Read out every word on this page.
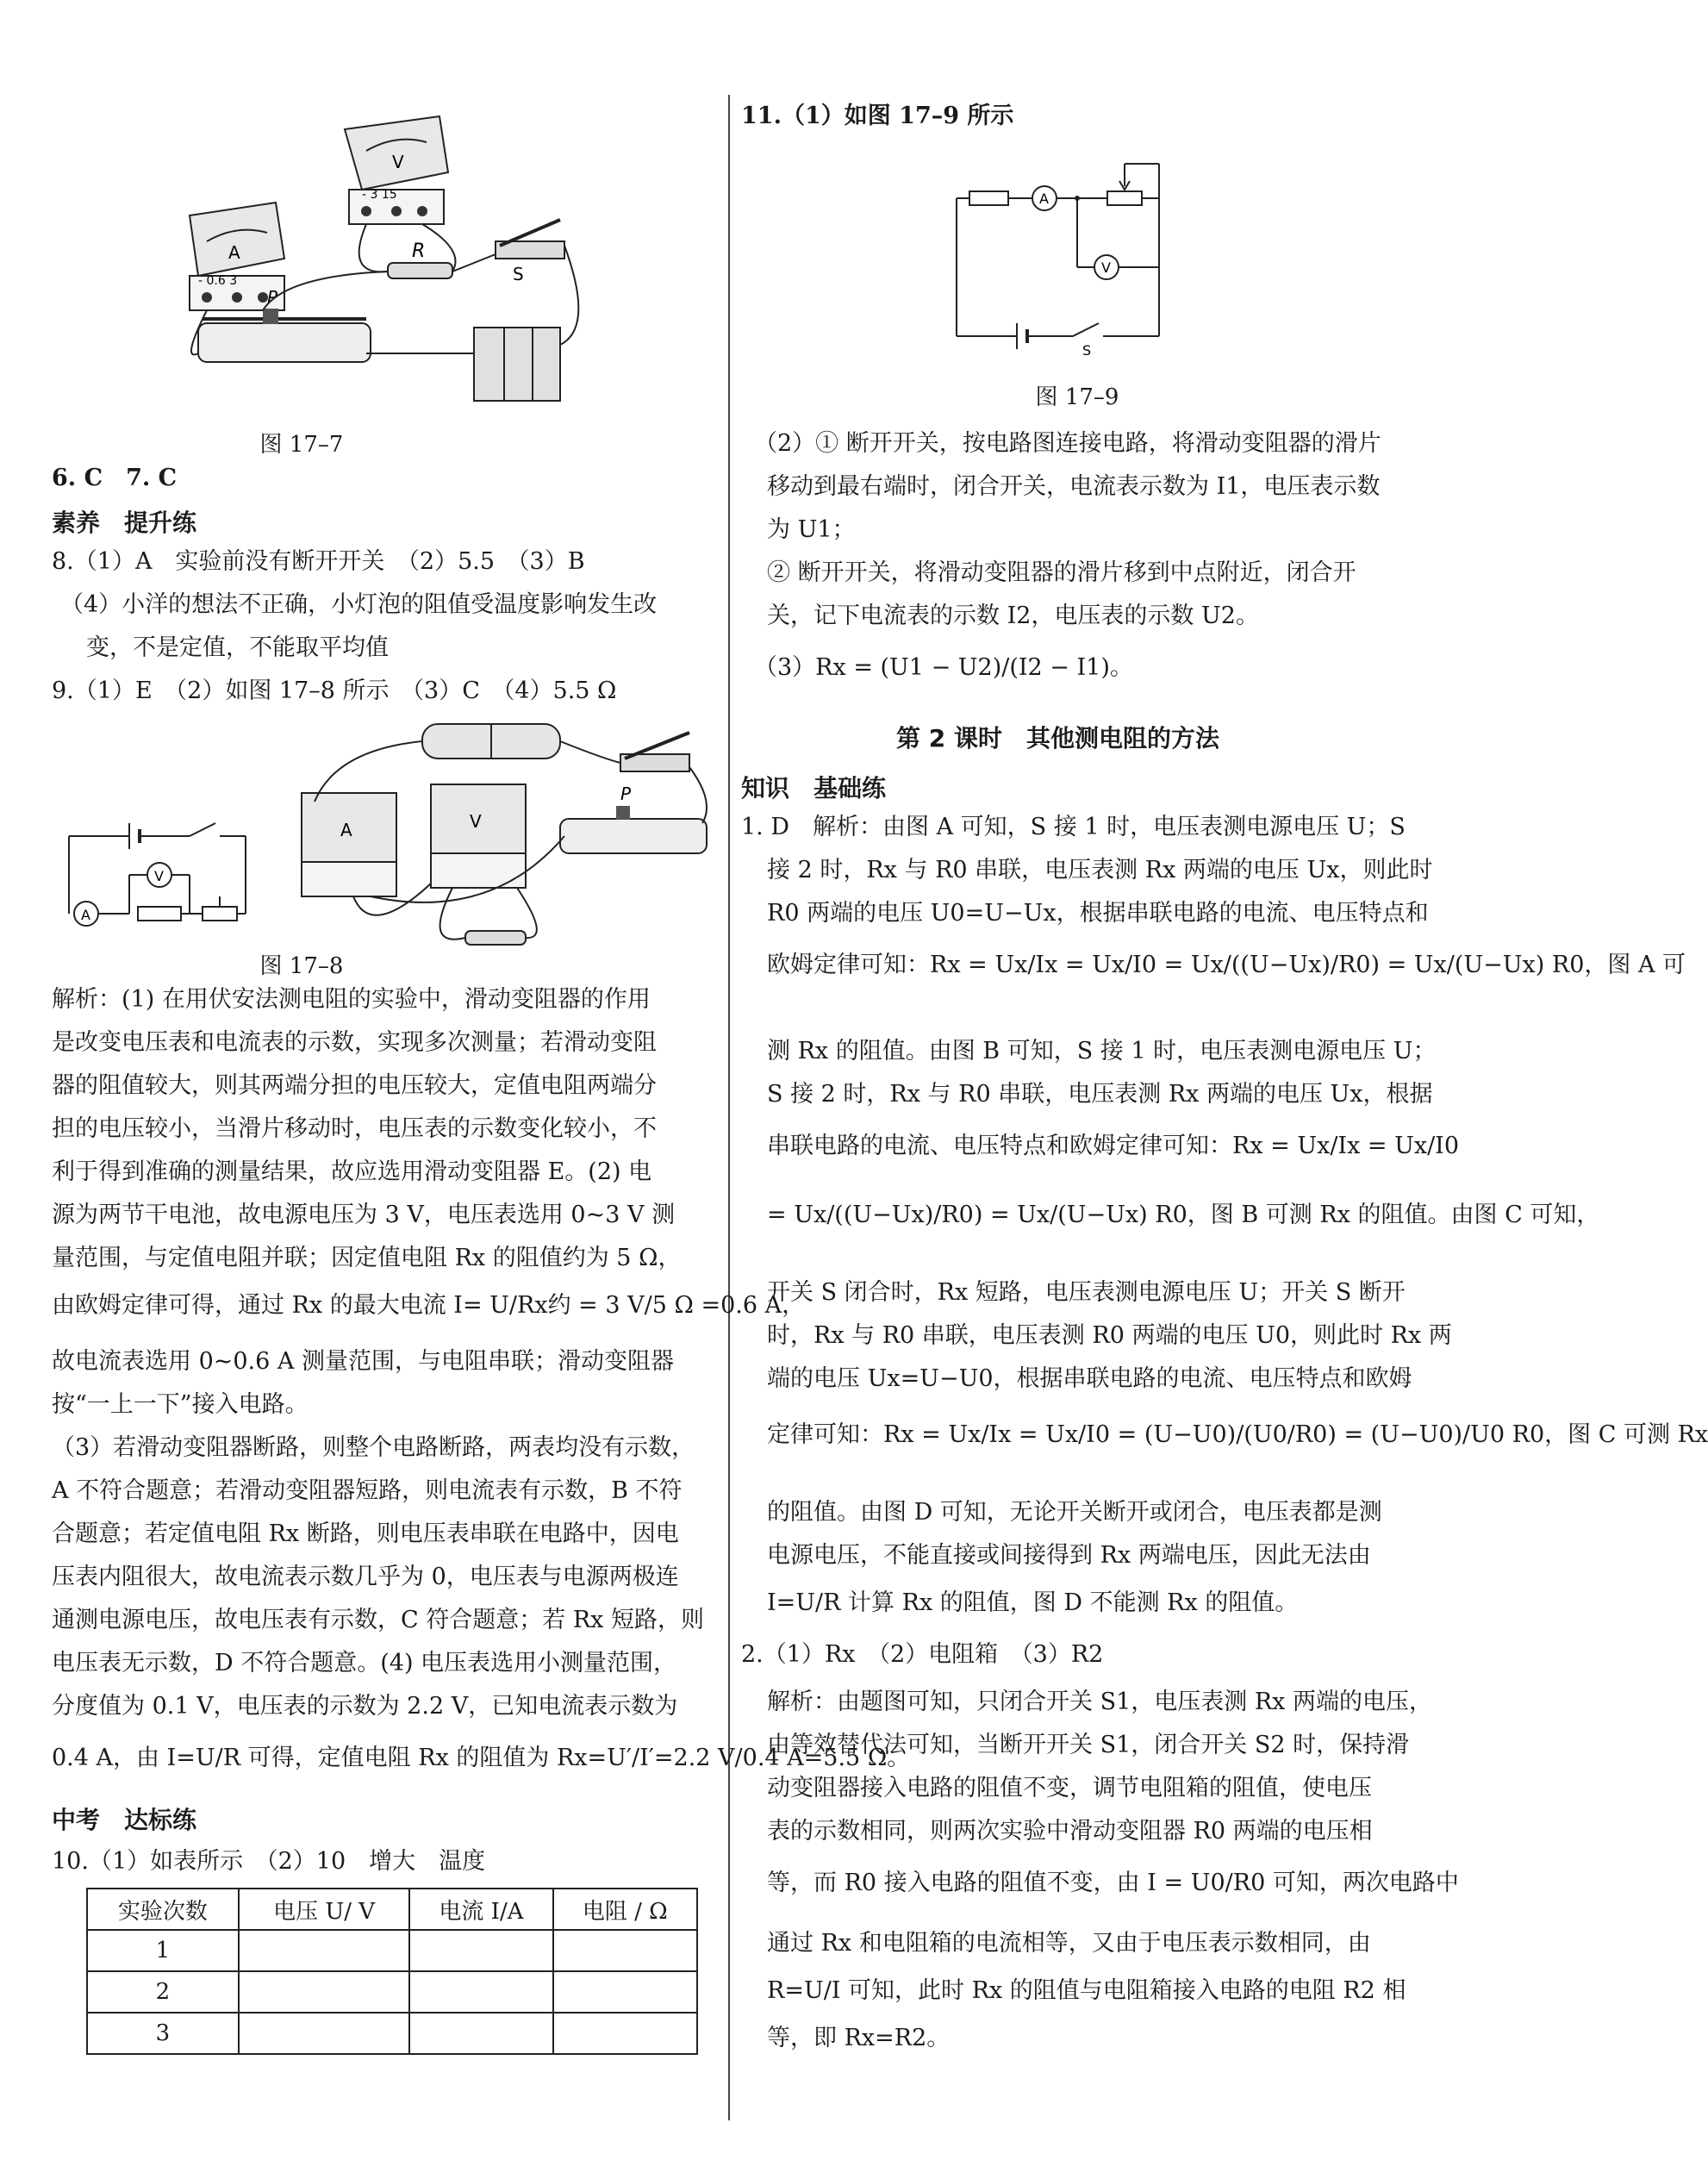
V
- 3 15
A
- 0.6 3
R
S
P
图 17–7
6. C　7. C
素养　提升练
8.（1）A　实验前没有断开开关　（2）5.5　（3）B
（4）小洋的想法不正确，小灯泡的阻值受温度影响发生改
变，不是定值，不能取平均值
9.（1）E　（2）如图 17–8 所示　（3）C　（4）5.5 Ω
A
V
A	V
P
图 17–8
解析：(1) 在用伏安法测电阻的实验中，滑动变阻器的作用
是改变电压表和电流表的示数，实现多次测量；若滑动变阻
器的阻值较大，则其两端分担的电压较大，定值电阻两端分
担的电压较小，当滑片移动时，电压表的示数变化较小，不
利于得到准确的测量结果，故应选用滑动变阻器 E。(2) 电
源为两节干电池，故电源电压为 3 V，电压表选用 0~3 V 测
量范围，与定值电阻并联；因定值电阻 Rx 的阻值约为 5 Ω，
由欧姆定律可得，通过 Rx 的最大电流 I= U/Rx约 = 3 V/5 Ω =0.6 A，
故电流表选用 0~0.6 A 测量范围，与电阻串联；滑动变阻器
按“一上一下”接入电路。
（3）若滑动变阻器断路，则整个电路断路，两表均没有示数，
A 不符合题意；若滑动变阻器短路，则电流表有示数，B 不符
合题意；若定值电阻 Rx 断路，则电压表串联在电路中，因电
压表内阻很大，故电流表示数几乎为 0，电压表与电源两极连
通测电源电压，故电压表有示数，C 符合题意；若 Rx 短路，则
电压表无示数，D 不符合题意。(4) 电压表选用小测量范围，
分度值为 0.1 V，电压表的示数为 2.2 V，已知电流表示数为
0.4 A，由 I=U/R 可得，定值电阻 Rx 的阻值为 Rx=U′/I′=2.2 V/0.4 A=5.5 Ω。
中考　达标练
10.（1）如表所示　（2）10　增大　温度
实验次数	电压 U/ V	电流 I/A	电阻 / Ω
1			
2			
3			
11.（1）如图 17–9 所示
A
V
S
图 17–9
（2）① 断开开关，按电路图连接电路，将滑动变阻器的滑片
移动到最右端时，闭合开关，电流表示数为 I1，电压表示数
为 U1；
② 断开开关，将滑动变阻器的滑片移到中点附近，闭合开
关，记下电流表的示数 I2，电压表的示数 U2。
（3）Rx = (U1 − U2)/(I2 − I1)。
第 2 课时　其他测电阻的方法
知识　基础练
1. D　解析：由图 A 可知，S 接 1 时，电压表测电源电压 U；S
接 2 时，Rx 与 R0 串联，电压表测 Rx 两端的电压 Ux，则此时
R0 两端的电压 U0=U−Ux，根据串联电路的电流、电压特点和
欧姆定律可知：Rx = Ux/Ix = Ux/I0 = Ux/((U−Ux)/R0) = Ux/(U−Ux) R0，图 A 可
测 Rx 的阻值。由图 B 可知，S 接 1 时，电压表测电源电压 U；
S 接 2 时，Rx 与 R0 串联，电压表测 Rx 两端的电压 Ux，根据
串联电路的电流、电压特点和欧姆定律可知：Rx = Ux/Ix = Ux/I0
= Ux/((U−Ux)/R0) = Ux/(U−Ux) R0，图 B 可测 Rx 的阻值。由图 C 可知，
开关 S 闭合时，Rx 短路，电压表测电源电压 U；开关 S 断开
时，Rx 与 R0 串联，电压表测 R0 两端的电压 U0，则此时 Rx 两
端的电压 Ux=U−U0，根据串联电路的电流、电压特点和欧姆
定律可知：Rx = Ux/Ix = Ux/I0 = (U−U0)/(U0/R0) = (U−U0)/U0 R0，图 C 可测 Rx
的阻值。由图 D 可知，无论开关断开或闭合，电压表都是测
电源电压，不能直接或间接得到 Rx 两端电压，因此无法由
I=U/R 计算 Rx 的阻值，图 D 不能测 Rx 的阻值。
2.（1）Rx　（2）电阻箱　（3）R2
解析：由题图可知，只闭合开关 S1，电压表测 Rx 两端的电压，
由等效替代法可知，当断开开关 S1，闭合开关 S2 时，保持滑
动变阻器接入电路的阻值不变，调节电阻箱的阻值，使电压
表的示数相同，则两次实验中滑动变阻器 R0 两端的电压相
等，而 R0 接入电路的阻值不变，由 I = U0/R0 可知，两次电路中
通过 Rx 和电阻箱的电流相等，又由于电压表示数相同，由
R=U/I 可知，此时 Rx 的阻值与电阻箱接入电路的电阻 R2 相
等，即 Rx=R2。
